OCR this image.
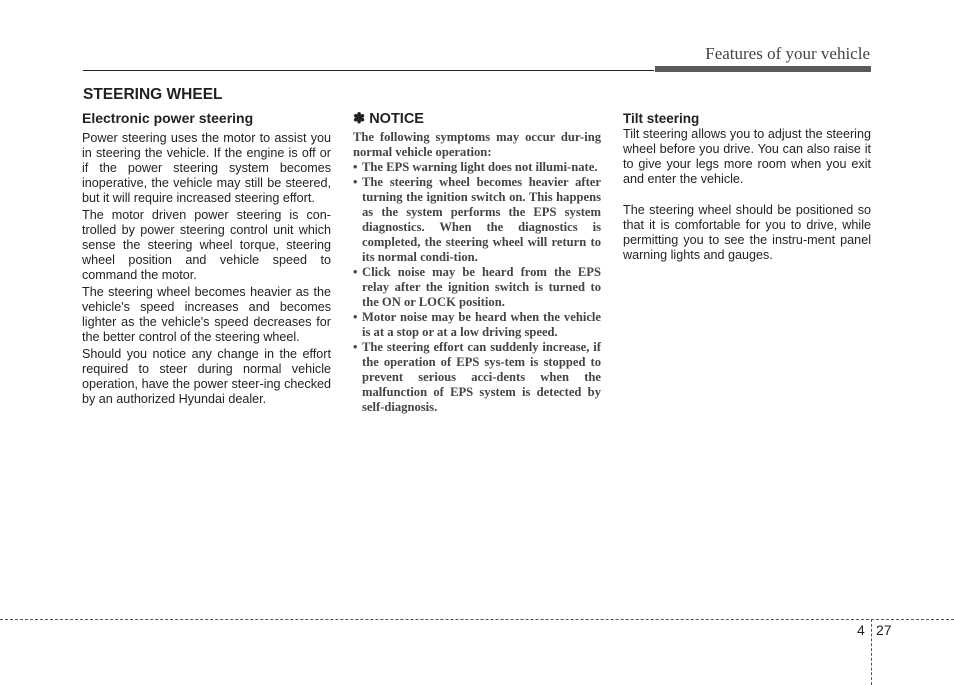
Features of your vehicle
STEERING WHEEL
Electronic power steering

Power steering uses the motor to assist you in steering the vehicle. If the engine is off or if the power steering system becomes inoperative, the vehicle may still be steered, but it will require increased steering effort.

The motor driven power steering is con-trolled by power steering control unit which sense the steering wheel torque, steering wheel position and vehicle speed to command the motor.

The steering wheel becomes heavier as the vehicle's speed increases and becomes lighter as the vehicle's speed decreases for the better control of the steering wheel.

Should you notice any change in the effort required to steer during normal vehicle operation, have the power steer-ing checked by an authorized Hyundai dealer.

✽ NOTICE

The following symptoms may occur dur-ing normal vehicle operation:

• The EPS warning light does not illumi-nate.
• The steering wheel becomes heavier after turning the ignition switch on. This happens as the system performs the EPS system diagnostics. When the diagnostics is completed, the steering wheel will return to its normal condi-tion.
• Click noise may be heard from the EPS relay after the ignition switch is turned to the ON or LOCK position.
• Motor noise may be heard when the vehicle is at a stop or at a low driving speed.
• The steering effort can suddenly increase, if the operation of EPS sys-tem is stopped to prevent serious acci-dents when the malfunction of EPS system is detected by self-diagnosis.
Tilt steering

Tilt steering allows you to adjust the steering wheel before you drive. You can also raise it to give your legs more room when you exit and enter the vehicle.

The steering wheel should be positioned so that it is comfortable for you to drive, while permitting you to see the instru-ment panel warning lights and gauges.

4 27
